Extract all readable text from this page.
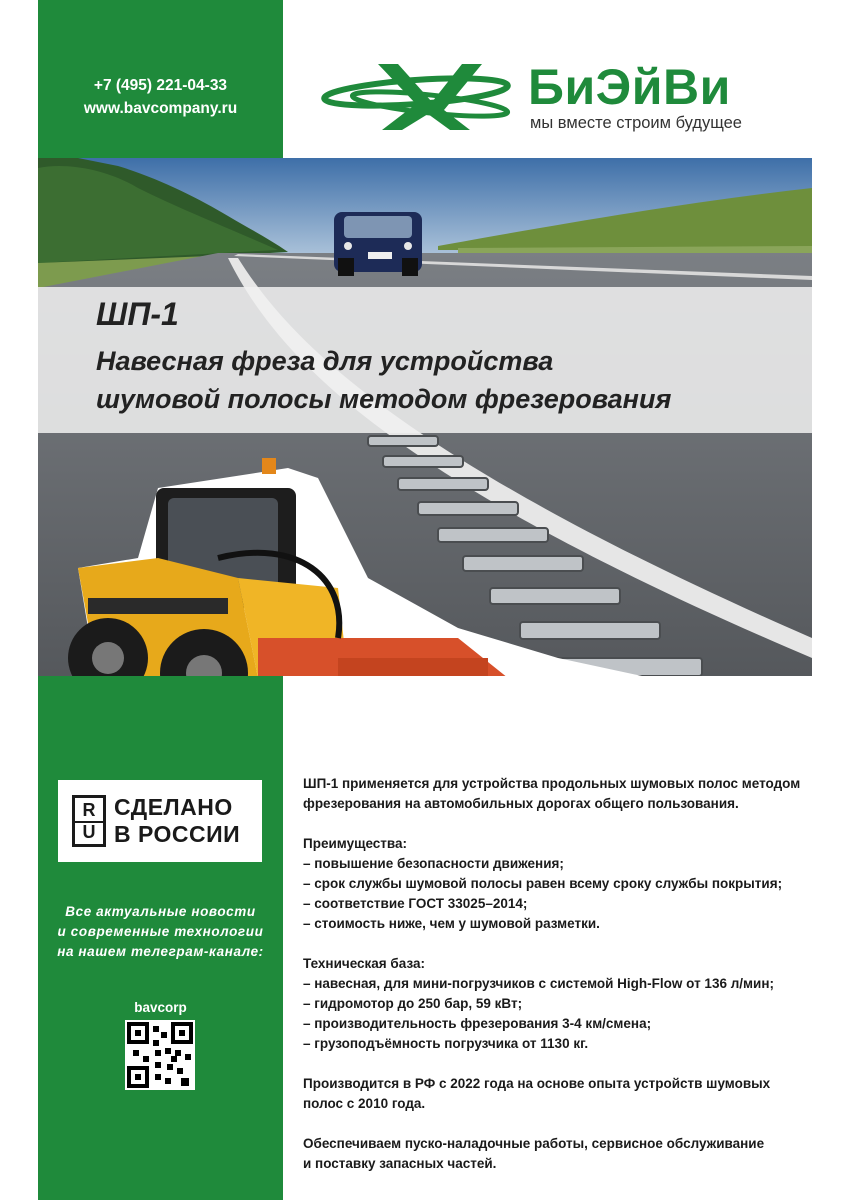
+7 (495) 221-04-33
www.bavcompany.ru	БиЭйВи
мы вместе строим будущее
ШП-1
Навесная фреза для устройства
шумовой полосы методом фрезерования
R
U
СДЕЛАНО
В РОССИИ
Все актуальные новости
и современные технологии
на нашем телеграм-канале:
bavcorp

ШП-1 применяется для устройства продольных шумовых полос методом
фрезерования на автомобильных дорогах общего пользования.

Преимущества:
– повышение безопасности движения;
– срок службы шумовой полосы равен всему сроку службы покрытия;
– соответствие ГОСТ 33025–2014;
– стоимость ниже, чем у шумовой разметки.

Техническая база:
– навесная, для мини-погрузчиков с системой High-Flow от 136 л/мин;
– гидромотор до 250 бар, 59 кВт;
– производительность фрезерования 3-4 км/смена;
– грузоподъёмность погрузчика от 1130 кг.

Производится в РФ с 2022 года на основе опыта устройств шумовых
полос с 2010 года.

Обеспечиваем пуско-наладочные работы, сервисное обслуживание
и поставку запасных частей.
